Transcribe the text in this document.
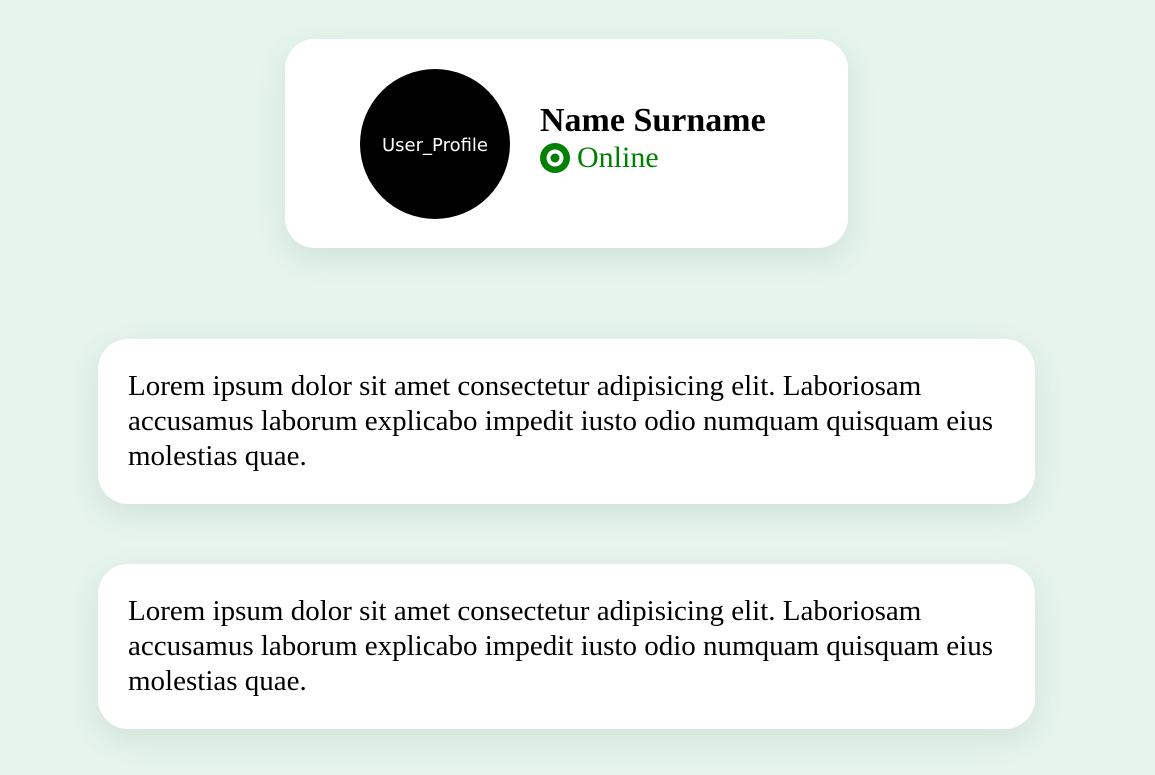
User_Profile
·····
Name Surname
Online

Lorem ipsum dolor sit amet consectetur adipisicing elit. Laboriosam accusamus laborum explicabo impedit iusto odio numquam quisquam eius molestias quae.

Lorem ipsum dolor sit amet consectetur adipisicing elit. Laboriosam accusamus laborum explicabo impedit iusto odio numquam quisquam eius molestias quae.
